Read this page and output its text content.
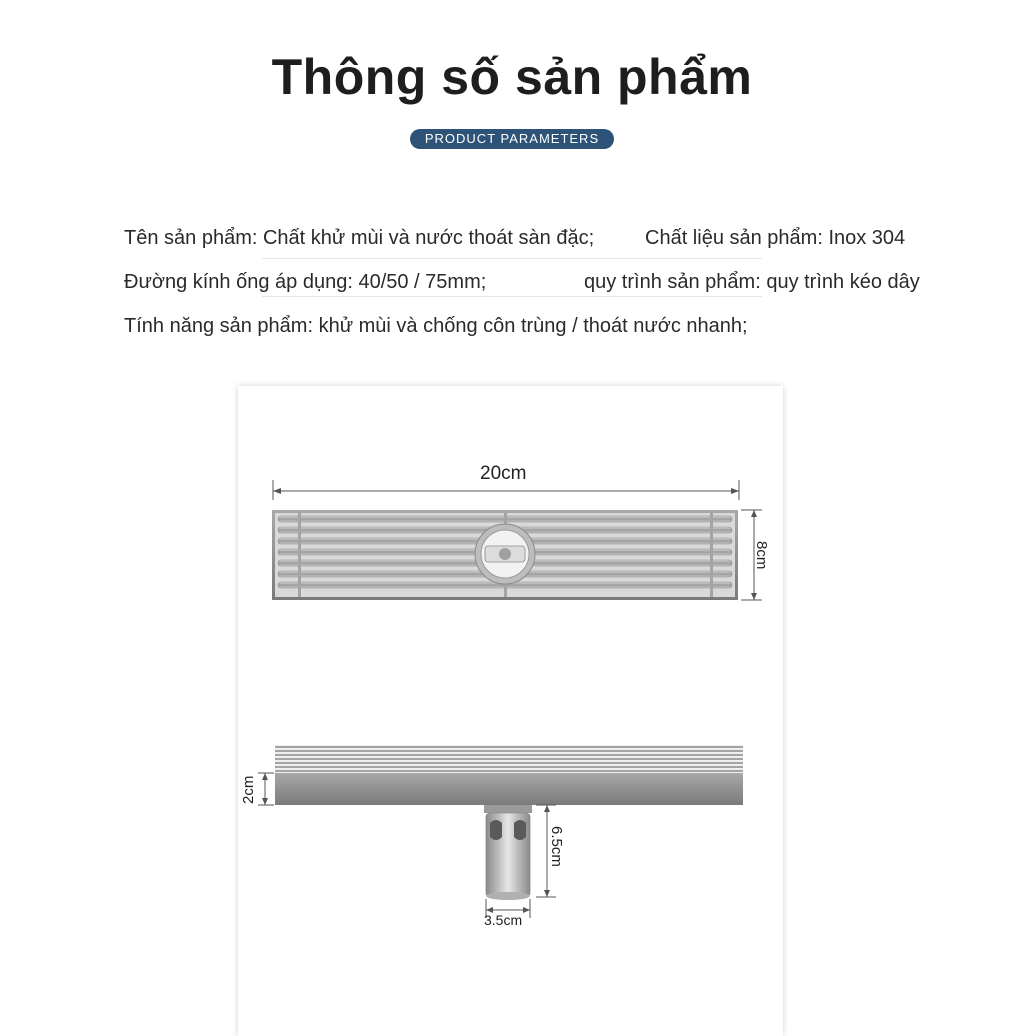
Thông số sản phẩm
PRODUCT PARAMETERS
Tên sản phẩm: Chất khử mùi và nước thoát sàn đặc;	Chất liệu sản phẩm: Inox 304
Đường kính ống áp dụng: 40/50 / 75mm;	quy trình sản phẩm: quy trình kéo dây
Tính năng sản phẩm: khử mùi và chống côn trùng / thoát nước nhanh;
20cm
8cm
2cm
6.5cm
3.5cm
